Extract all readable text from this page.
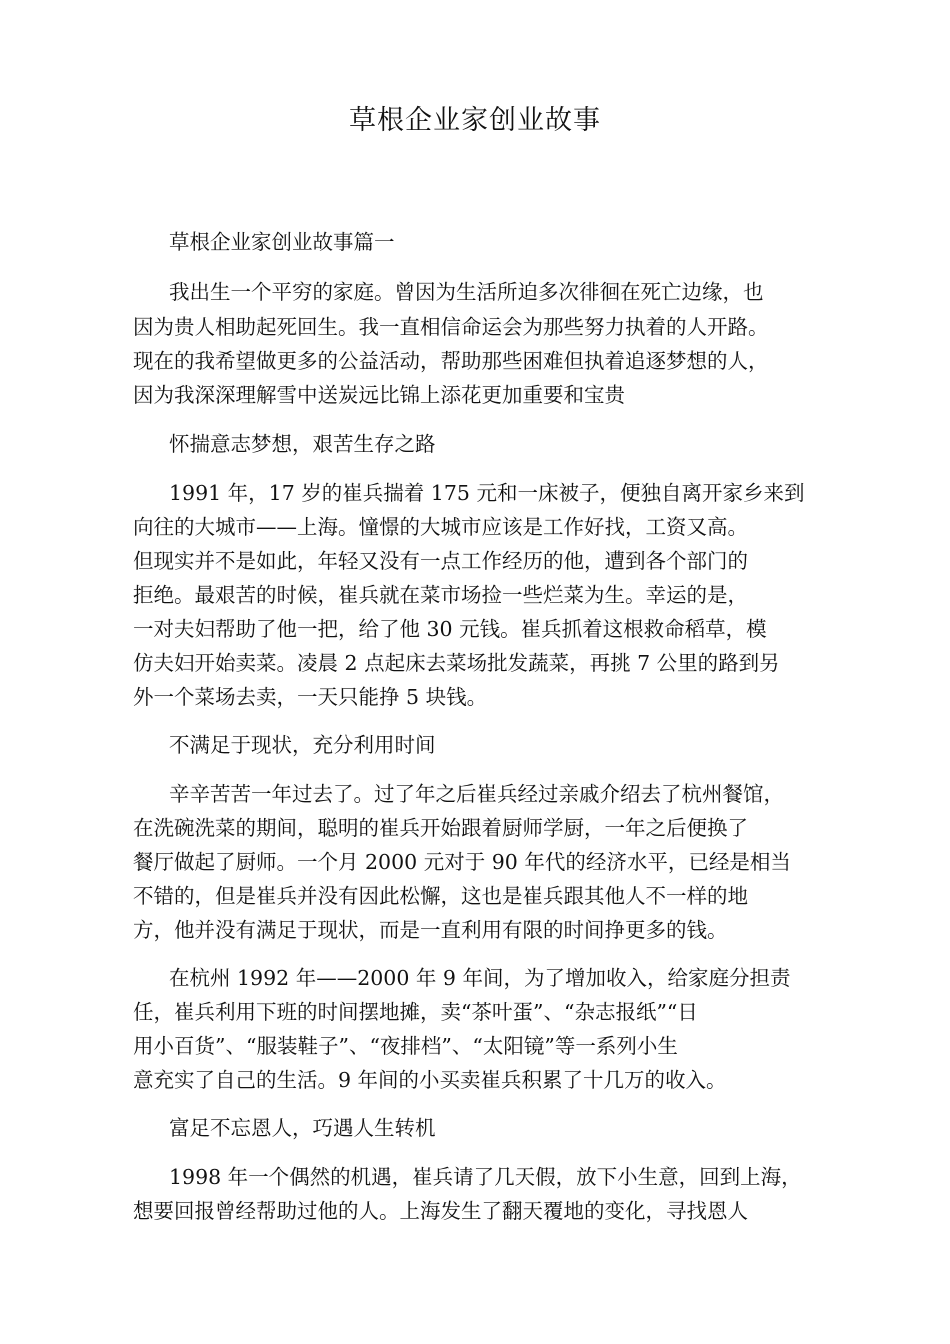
草根企业家创业故事

草根企业家创业故事篇一

我出生一个平穷的家庭。曾因为生活所迫多次徘徊在死亡边缘，也

因为贵人相助起死回生。我一直相信命运会为那些努力执着的人开路。

现在的我希望做更多的公益活动，帮助那些困难但执着追逐梦想的人，

因为我深深理解雪中送炭远比锦上添花更加重要和宝贵

怀揣意志梦想，艰苦生存之路

1991 年，17 岁的崔兵揣着 175 元和一床被子，便独自离开家乡来到

向往的大城市——上海。憧憬的大城市应该是工作好找，工资又高。

但现实并不是如此，年轻又没有一点工作经历的他，遭到各个部门的

拒绝。最艰苦的时候，崔兵就在菜市场捡一些烂菜为生。幸运的是，

一对夫妇帮助了他一把，给了他 30 元钱。崔兵抓着这根救命稻草，模

仿夫妇开始卖菜。凌晨 2 点起床去菜场批发蔬菜，再挑 7 公里的路到另

外一个菜场去卖，一天只能挣 5 块钱。

不满足于现状，充分利用时间

辛辛苦苦一年过去了。过了年之后崔兵经过亲戚介绍去了杭州餐馆，

在洗碗洗菜的期间，聪明的崔兵开始跟着厨师学厨，一年之后便换了

餐厅做起了厨师。一个月 2000 元对于 90 年代的经济水平，已经是相当

不错的，但是崔兵并没有因此松懈，这也是崔兵跟其他人不一样的地

方，他并没有满足于现状，而是一直利用有限的时间挣更多的钱。

在杭州 1992 年——2000 年 9 年间，为了增加收入，给家庭分担责

任，崔兵利用下班的时间摆地摊，卖“茶叶蛋”、“杂志报纸”“日

用小百货”、“服装鞋子”、“夜排档”、“太阳镜”等一系列小生

意充实了自己的生活。9 年间的小买卖崔兵积累了十几万的收入。

富足不忘恩人，巧遇人生转机

1998 年一个偶然的机遇，崔兵请了几天假，放下小生意，回到上海，

想要回报曾经帮助过他的人。上海发生了翻天覆地的变化，寻找恩人
